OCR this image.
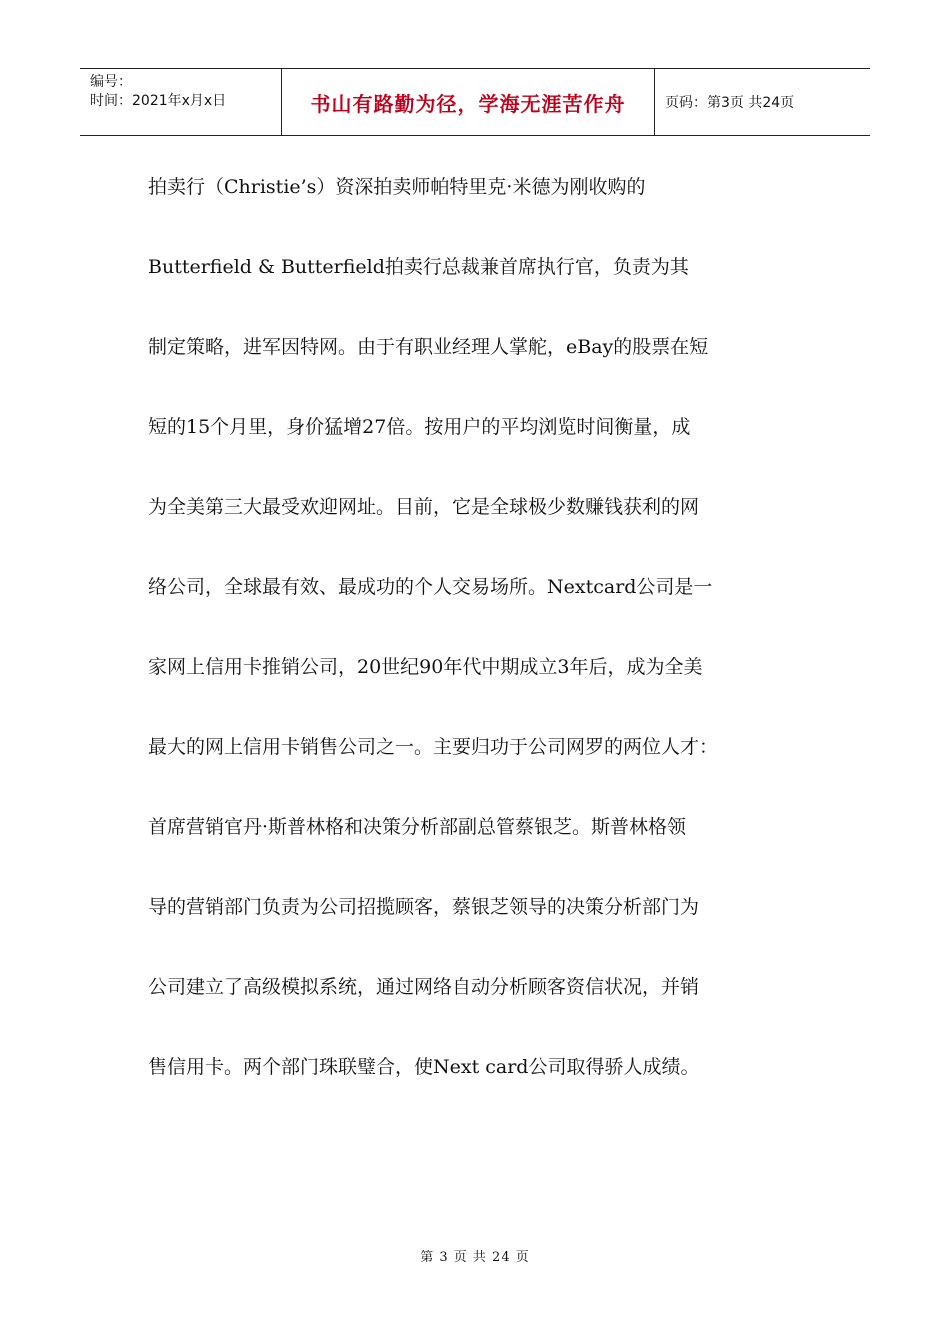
编号：
时间：2021年x月x日	书山有路勤为径，学海无涯苦作舟	页码：第3页 共24页
拍卖行（Christie’s）资深拍卖师帕特里克·米德为刚收购的
Butterfield & Butterfield拍卖行总裁兼首席执行官，负责为其
制定策略，进军因特网。由于有职业经理人掌舵，eBay的股票在短
短的15个月里，身价猛增27倍。按用户的平均浏览时间衡量，成
为全美第三大最受欢迎网址。目前，它是全球极少数赚钱获利的网
络公司，全球最有效、最成功的个人交易场所。Nextcard公司是一
家网上信用卡推销公司，20世纪90年代中期成立3年后，成为全美
最大的网上信用卡销售公司之一。主要归功于公司网罗的两位人才：
首席营销官丹·斯普林格和决策分析部副总管蔡银芝。斯普林格领
导的营销部门负责为公司招揽顾客，蔡银芝领导的决策分析部门为
公司建立了高级模拟系统，通过网络自动分析顾客资信状况，并销
售信用卡。两个部门珠联璧合，使Next card公司取得骄人成绩。
第 3 页 共 24 页
